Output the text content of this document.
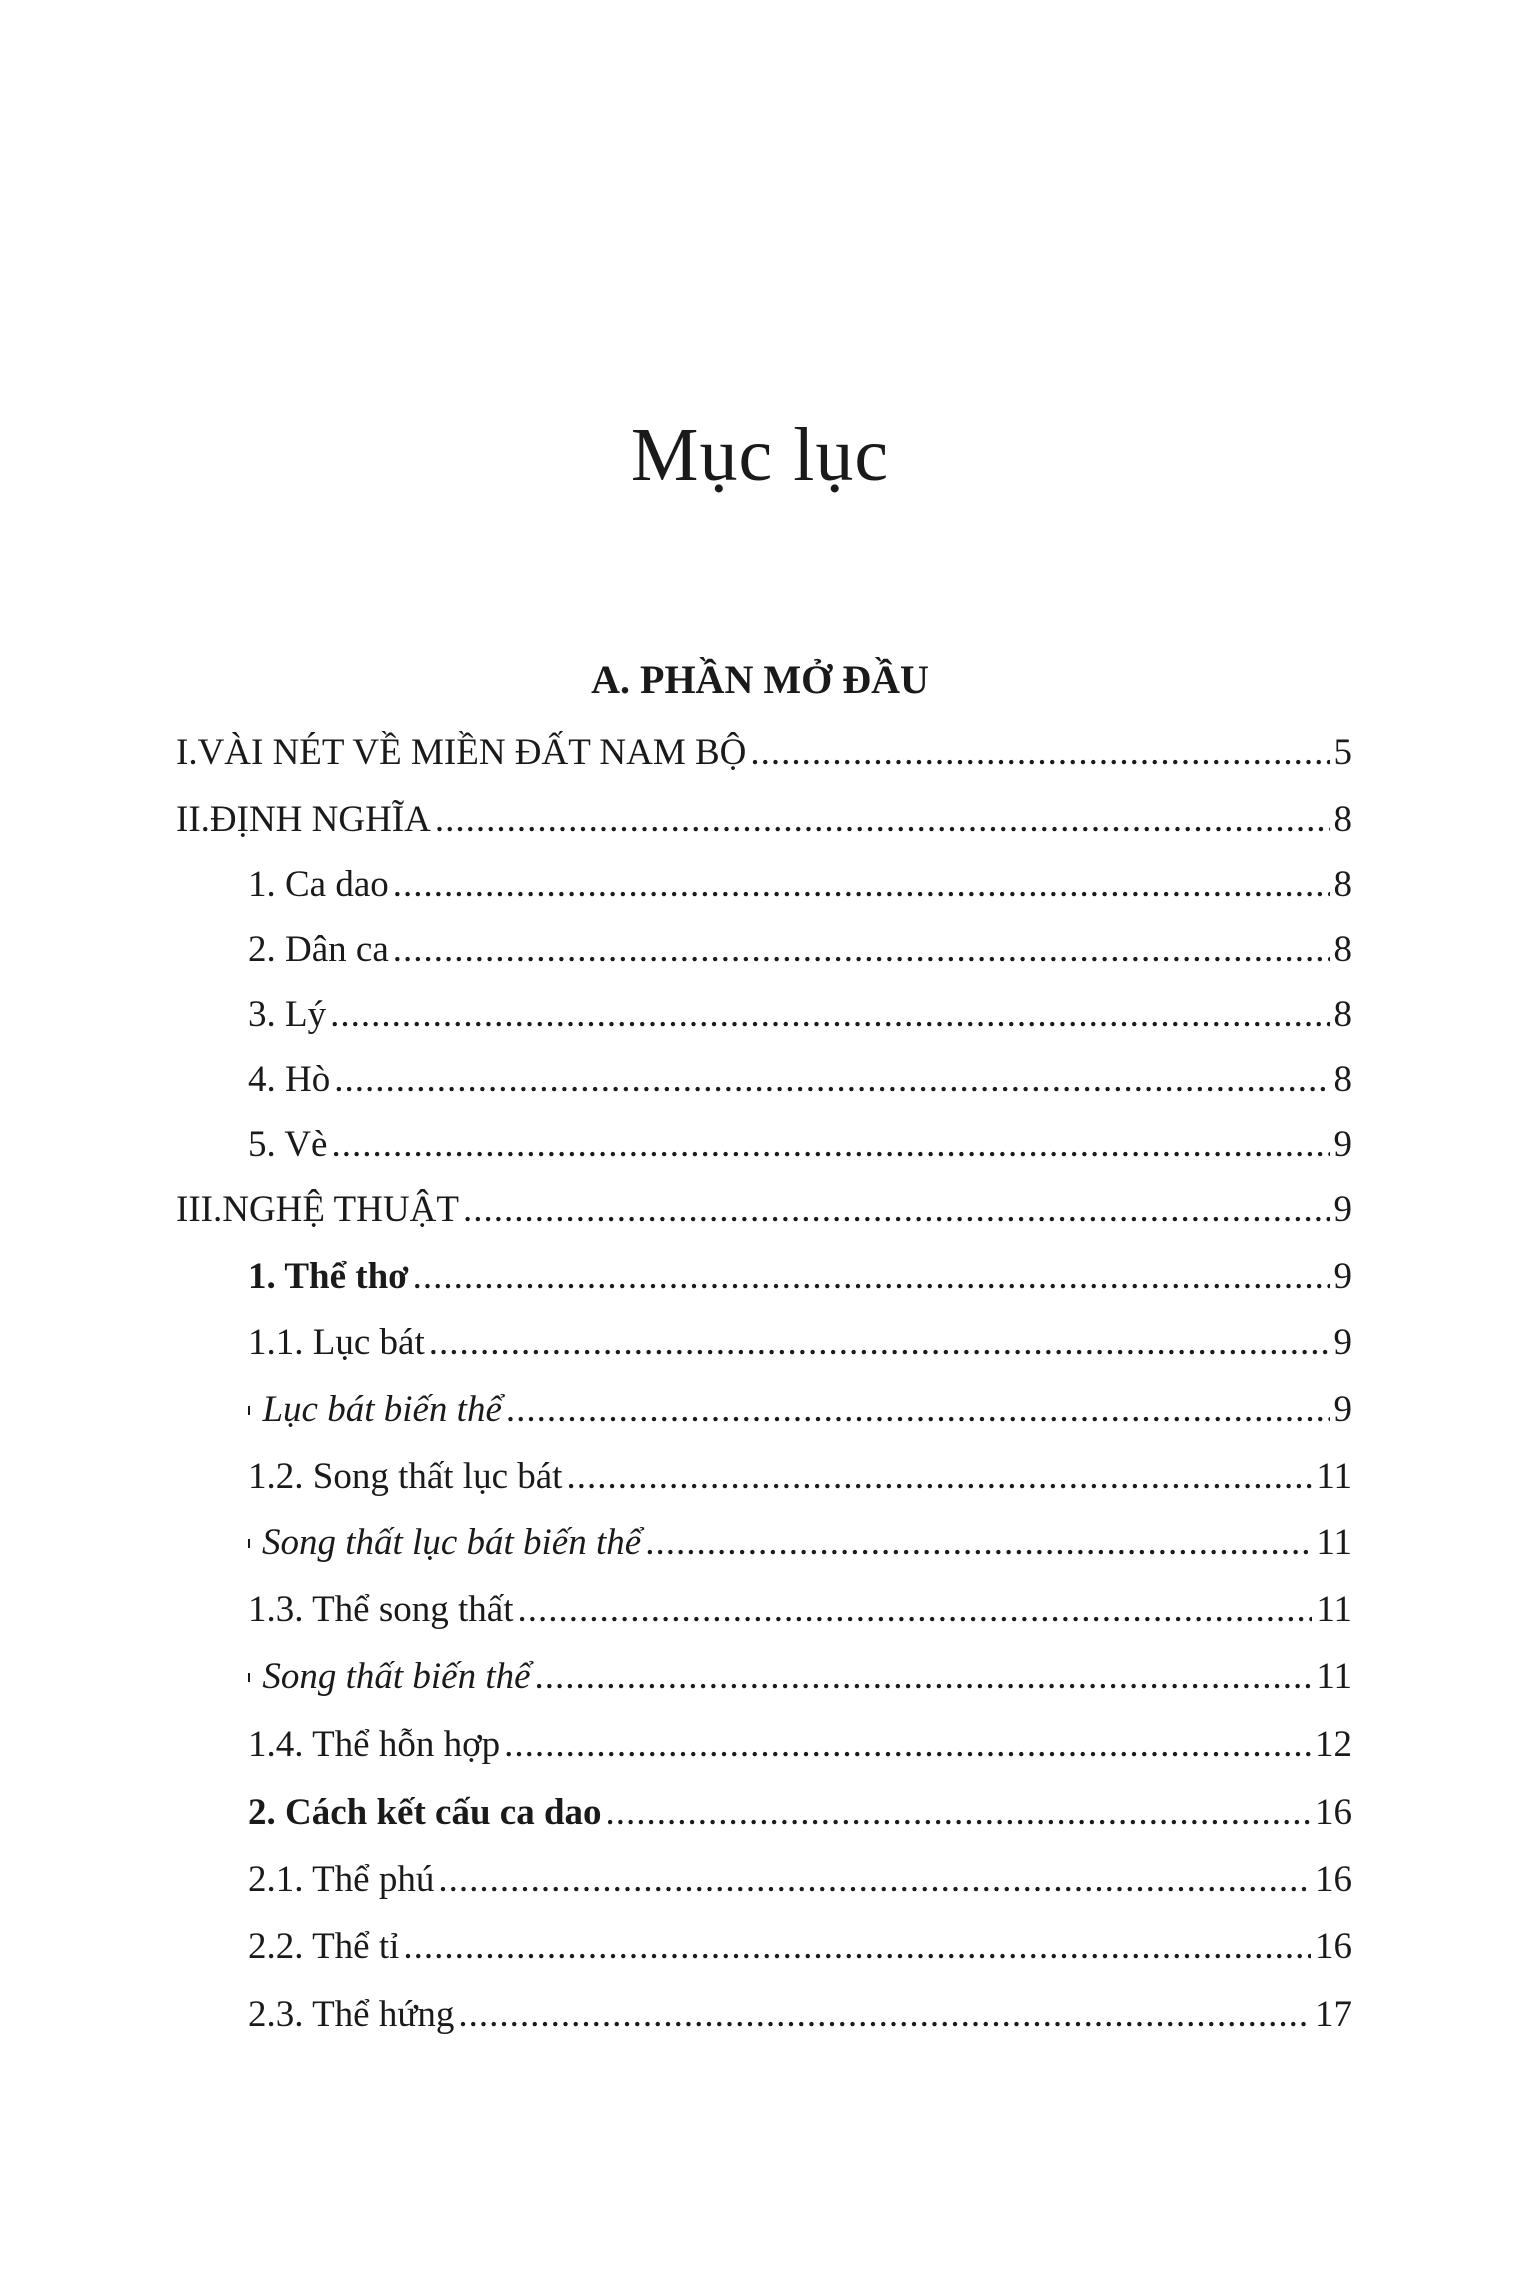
Mục lục
A. PHẦN MỞ ĐẦU
I. VÀI NÉT VỀ MIỀN ĐẤT NAM BỘ .....	5
II. ĐỊNH NGHĨA .....	8
1. Ca dao .....	8
2. Dân ca .....	8
3. Lý .....	8
4. Hò .....	8
5. Vè .....	9
III. NGHỆ THUẬT .....	9
1. Thể thơ .....	9
1.1. Lục bát .....	9
Lục bát biến thể .....	9
1.2. Song thất lục bát .....	11
Song thất lục bát biến thể .....	11
1.3. Thể song thất .....	11
Song thất biến thể .....	11
1.4. Thể hỗn hợp .....	12
2. Cách kết cấu ca dao .....	16
2.1. Thể phú .....	16
2.2. Thể tỉ .....	16
2.3. Thể hứng .....	17
